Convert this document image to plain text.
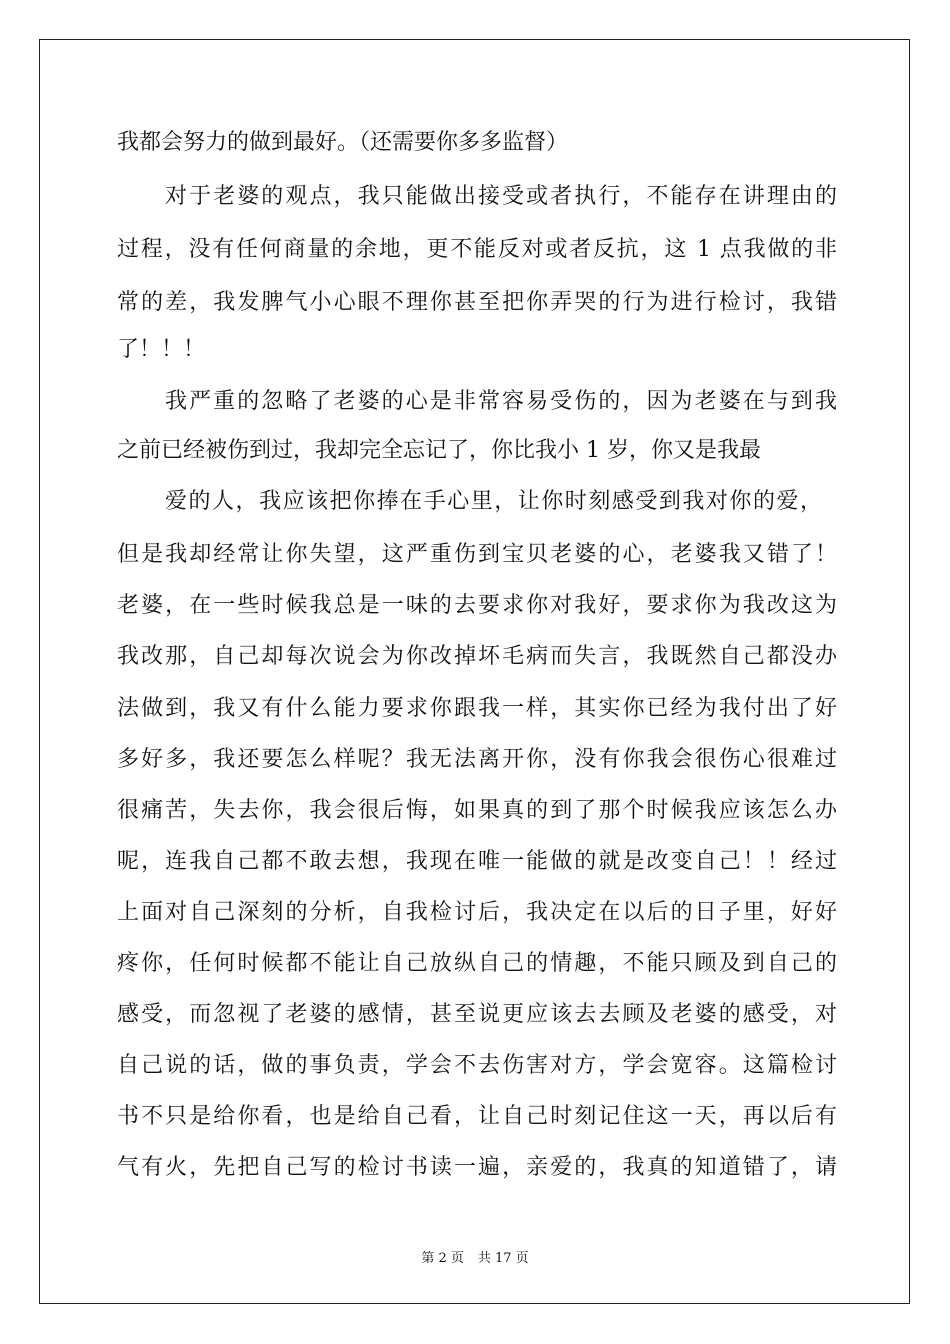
我都会努力的做到最好。（还需要你多多监督）
对于老婆的观点，我只能做出接受或者执行，不能存在讲理由的
过程，没有任何商量的余地，更不能反对或者反抗，这 1 点我做的非
常的差，我发脾气小心眼不理你甚至把你弄哭的行为进行检讨，我错
了！！！
我严重的忽略了老婆的心是非常容易受伤的，因为老婆在与到我
之前已经被伤到过，我却完全忘记了，你比我小 1 岁，你又是我最
爱的人，我应该把你捧在手心里，让你时刻感受到我对你的爱，
但是我却经常让你失望，这严重伤到宝贝老婆的心，老婆我又错了！
老婆，在一些时候我总是一味的去要求你对我好，要求你为我改这为
我改那，自己却每次说会为你改掉坏毛病而失言，我既然自己都没办
法做到，我又有什么能力要求你跟我一样，其实你已经为我付出了好
多好多，我还要怎么样呢？我无法离开你，没有你我会很伤心很难过
很痛苦，失去你，我会很后悔，如果真的到了那个时候我应该怎么办
呢，连我自己都不敢去想，我现在唯一能做的就是改变自己！！经过
上面对自己深刻的分析，自我检讨后，我决定在以后的日子里，好好
疼你，任何时候都不能让自己放纵自己的情趣，不能只顾及到自己的
感受，而忽视了老婆的感情，甚至说更应该去去顾及老婆的感受，对
自己说的话，做的事负责，学会不去伤害对方，学会宽容。这篇检讨
书不只是给你看，也是给自己看，让自己时刻记住这一天，再以后有
气有火，先把自己写的检讨书读一遍，亲爱的，我真的知道错了，请
第 2 页 共 17 页
